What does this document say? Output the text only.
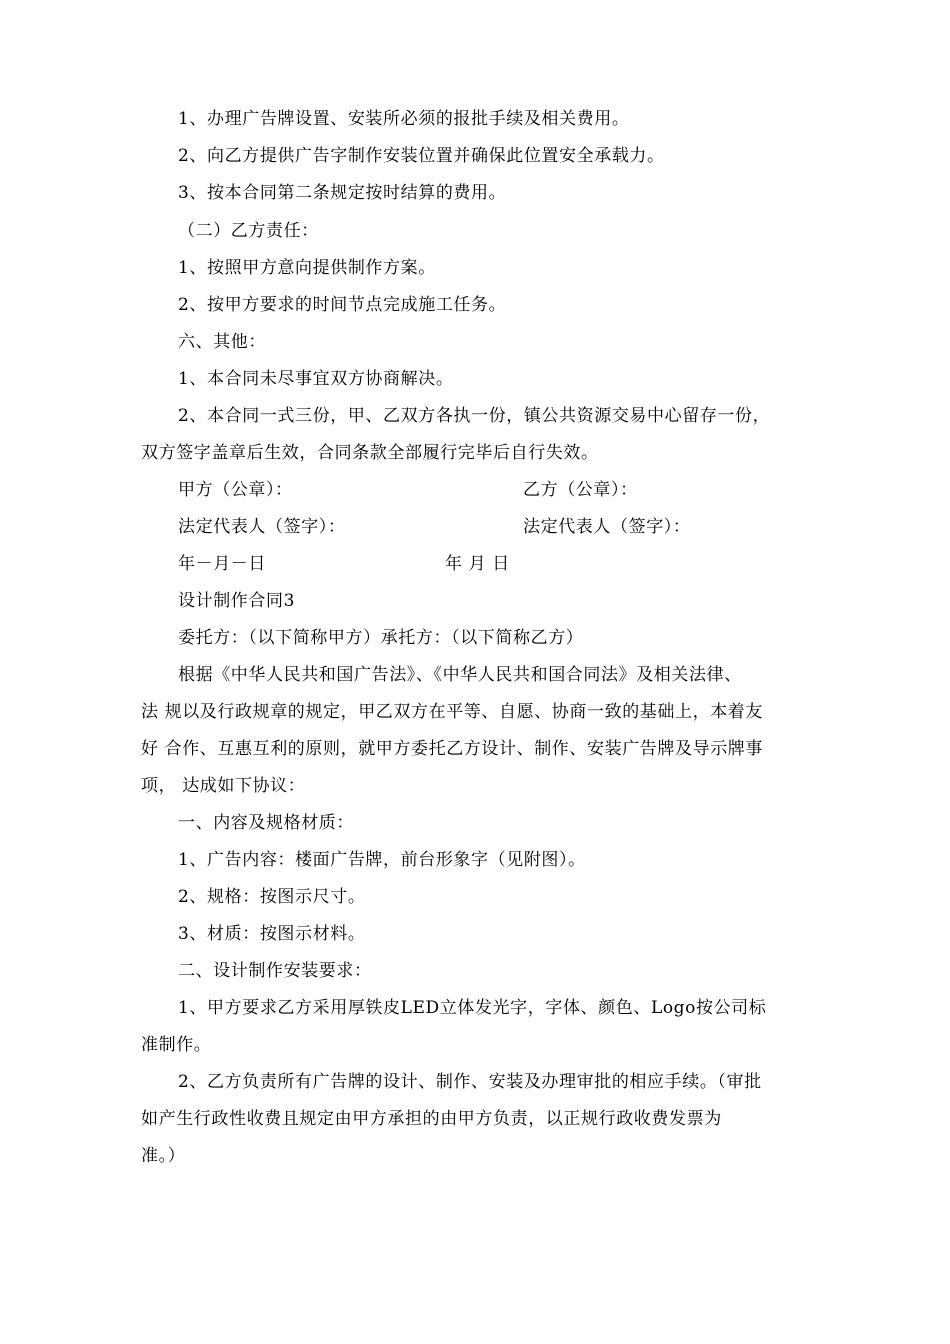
1、办理广告牌设置、安装所必须的报批手续及相关费用。
2、向乙方提供广告字制作安装位置并确保此位置安全承载力。
3、按本合同第二条规定按时结算的费用。
（二）乙方责任：
1、按照甲方意向提供制作方案。
2、按甲方要求的时间节点完成施工任务。
六、其他：
1、本合同未尽事宜双方协商解决。
2、本合同一式三份，甲、乙双方各执一份，镇公共资源交易中心留存一份，
双方签字盖章后生效，合同条款全部履行完毕后自行失效。
甲方（公章）：	乙方（公章）：
法定代表人（签字）：	法定代表人（签字）：
年－月－日	年 月 日
设计制作合同3
委托方：（以下简称甲方）承托方：（以下简称乙方）
根据《中华人民共和国广告法》、《中华人民共和国合同法》及相关法律、
法 规以及行政规章的规定，甲乙双方在平等、自愿、协商一致的基础上，本着友
好 合作、互惠互利的原则，就甲方委托乙方设计、制作、安装广告牌及导示牌事
项， 达成如下协议：
一、内容及规格材质：
1、广告内容：楼面广告牌，前台形象字（见附图）。
2、规格：按图示尺寸。
3、材质：按图示材料。
二、设计制作安装要求：
1、甲方要求乙方采用厚铁皮LED立体发光字，字体、颜色、Logo按公司标
准制作。
2、乙方负责所有广告牌的设计、制作、安装及办理审批的相应手续。（审批
如产生行政性收费且规定由甲方承担的由甲方负责，以正规行政收费发票为
准。）
